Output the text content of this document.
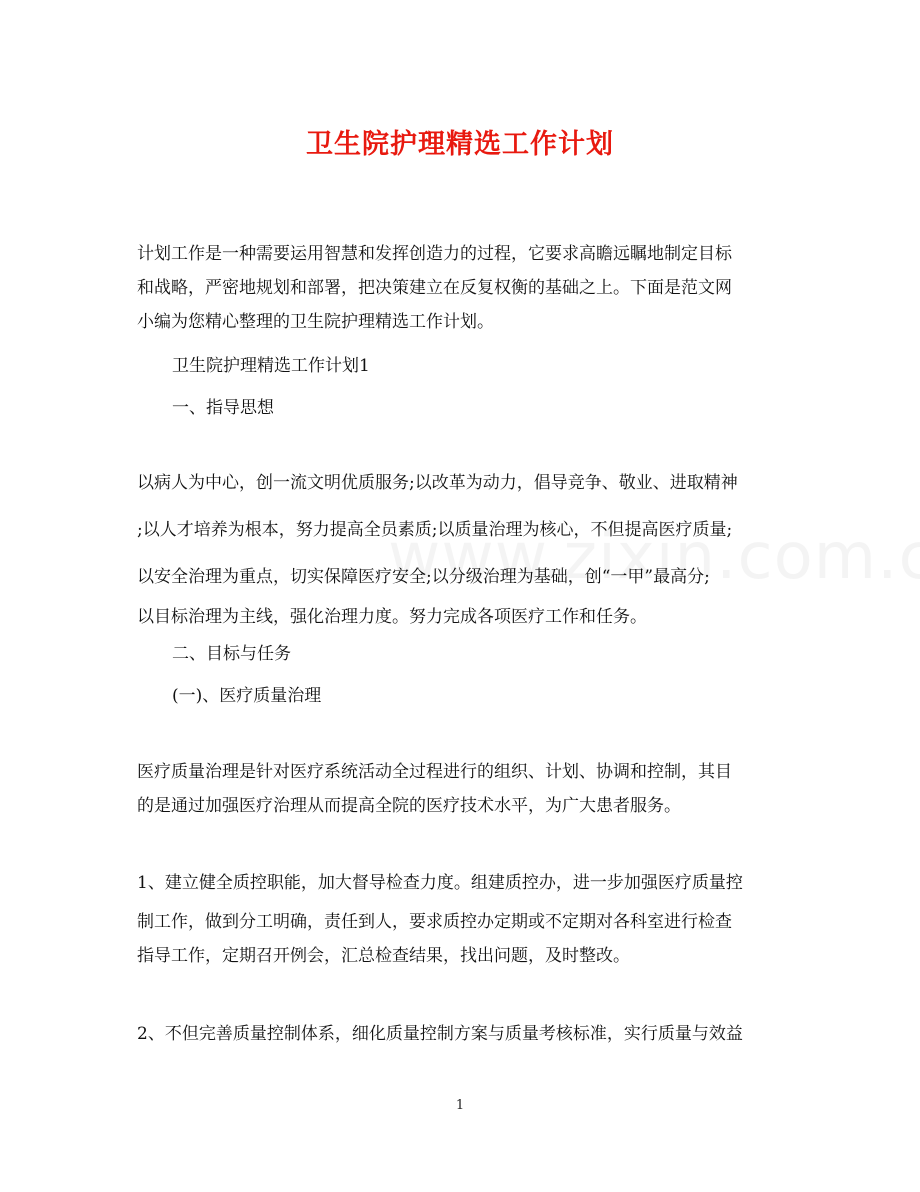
卫生院护理精选工作计划

计划工作是一种需要运用智慧和发挥创造力的过程，它要求高瞻远瞩地制定目标

和战略，严密地规划和部署，把决策建立在反复权衡的基础之上。下面是范文网

小编为您精心整理的卫生院护理精选工作计划。

卫生院护理精选工作计划1

一、指导思想

以病人为中心，创一流文明优质服务;以改革为动力，倡导竞争、敬业、进取精神

;以人才培养为根本，努力提高全员素质;以质量治理为核心，不但提高医疗质量;

以安全治理为重点，切实保障医疗安全;以分级治理为基础，创“一甲”最高分;

以目标治理为主线，强化治理力度。努力完成各项医疗工作和任务。

二、目标与任务

(一)、医疗质量治理

医疗质量治理是针对医疗系统活动全过程进行的组织、计划、协调和控制，其目

的是通过加强医疗治理从而提高全院的医疗技术水平，为广大患者服务。

1、建立健全质控职能，加大督导检查力度。组建质控办，进一步加强医疗质量控

制工作，做到分工明确，责任到人，要求质控办定期或不定期对各科室进行检查

指导工作，定期召开例会，汇总检查结果，找出问题，及时整改。

2、不但完善质量控制体系，细化质量控制方案与质量考核标准，实行质量与效益

1
